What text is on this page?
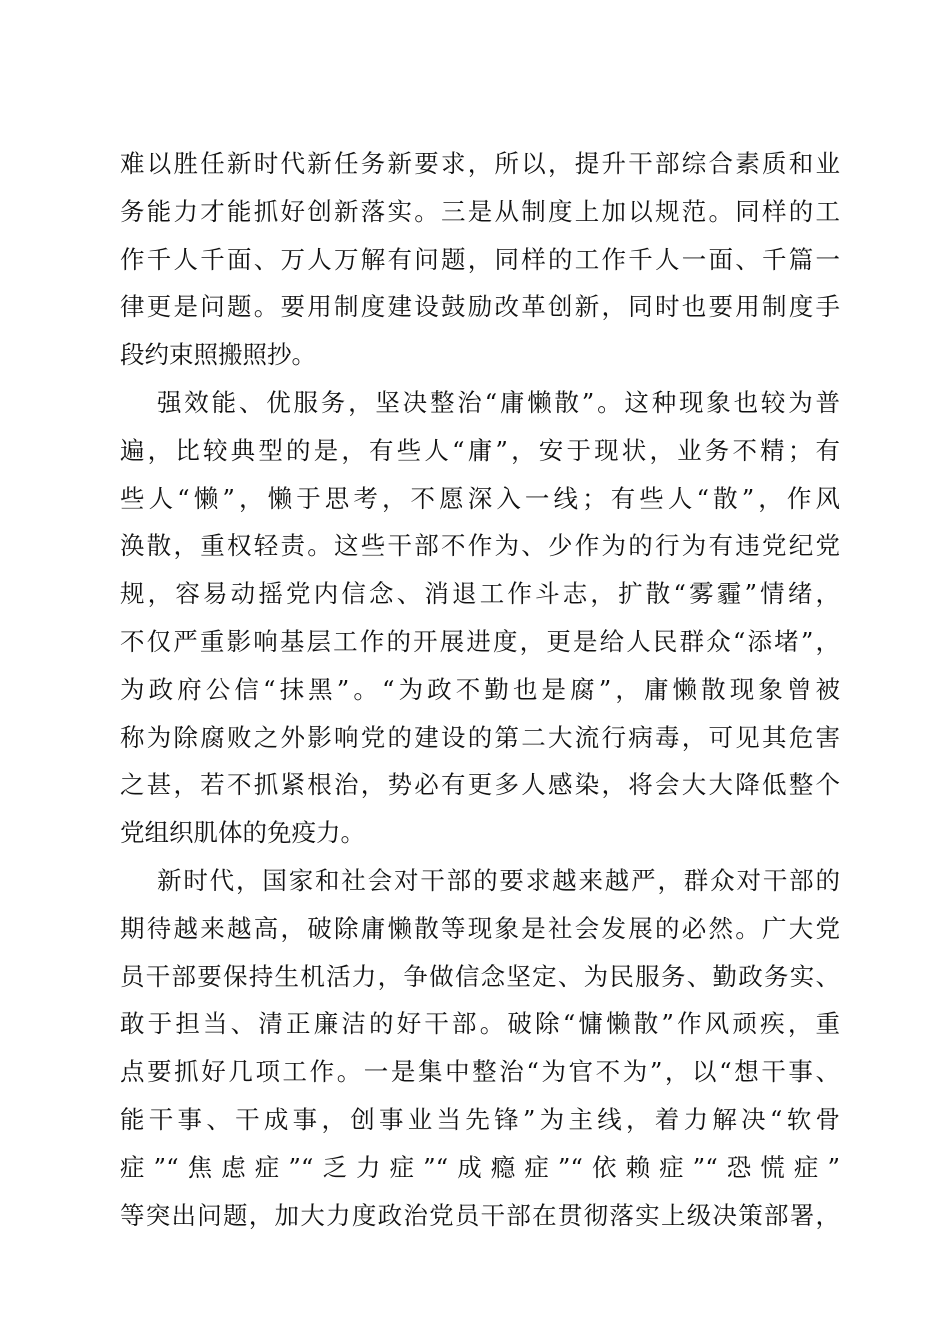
难以胜任新时代新任务新要求，所以，提升干部综合素质和业
务能力才能抓好创新落实。三是从制度上加以规范。同样的工
作千人千面、万人万解有问题，同样的工作千人一面、千篇一
律更是问题。要用制度建设鼓励改革创新，同时也要用制度手
段约束照搬照抄。
强效能、优服务，坚决整治“庸懒散”。这种现象也较为普
遍，比较典型的是，有些人“庸”，安于现状，业务不精；有
些人“懒”，懒于思考，不愿深入一线；有些人“散”，作风
涣散，重权轻责。这些干部不作为、少作为的行为有违党纪党
规，容易动摇党内信念、消退工作斗志，扩散“雾霾”情绪，
不仅严重影响基层工作的开展进度，更是给人民群众“添堵”，
为政府公信“抹黑”。“为政不勤也是腐”，庸懒散现象曾被
称为除腐败之外影响党的建设的第二大流行病毒，可见其危害
之甚，若不抓紧根治，势必有更多人感染，将会大大降低整个
党组织肌体的免疫力。
新时代，国家和社会对干部的要求越来越严，群众对干部的
期待越来越高，破除庸懒散等现象是社会发展的必然。广大党
员干部要保持生机活力，争做信念坚定、为民服务、勤政务实、
敢于担当、清正廉洁的好干部。破除“慵懒散”作风顽疾，重
点要抓好几项工作。一是集中整治“为官不为”，以“想干事、
能干事、干成事，创事业当先锋”为主线，着力解决“软骨
症”“焦虑症”“乏力症”“成瘾症”“依赖症”“恐慌症”
等突出问题，加大力度政治党员干部在贯彻落实上级决策部署，
